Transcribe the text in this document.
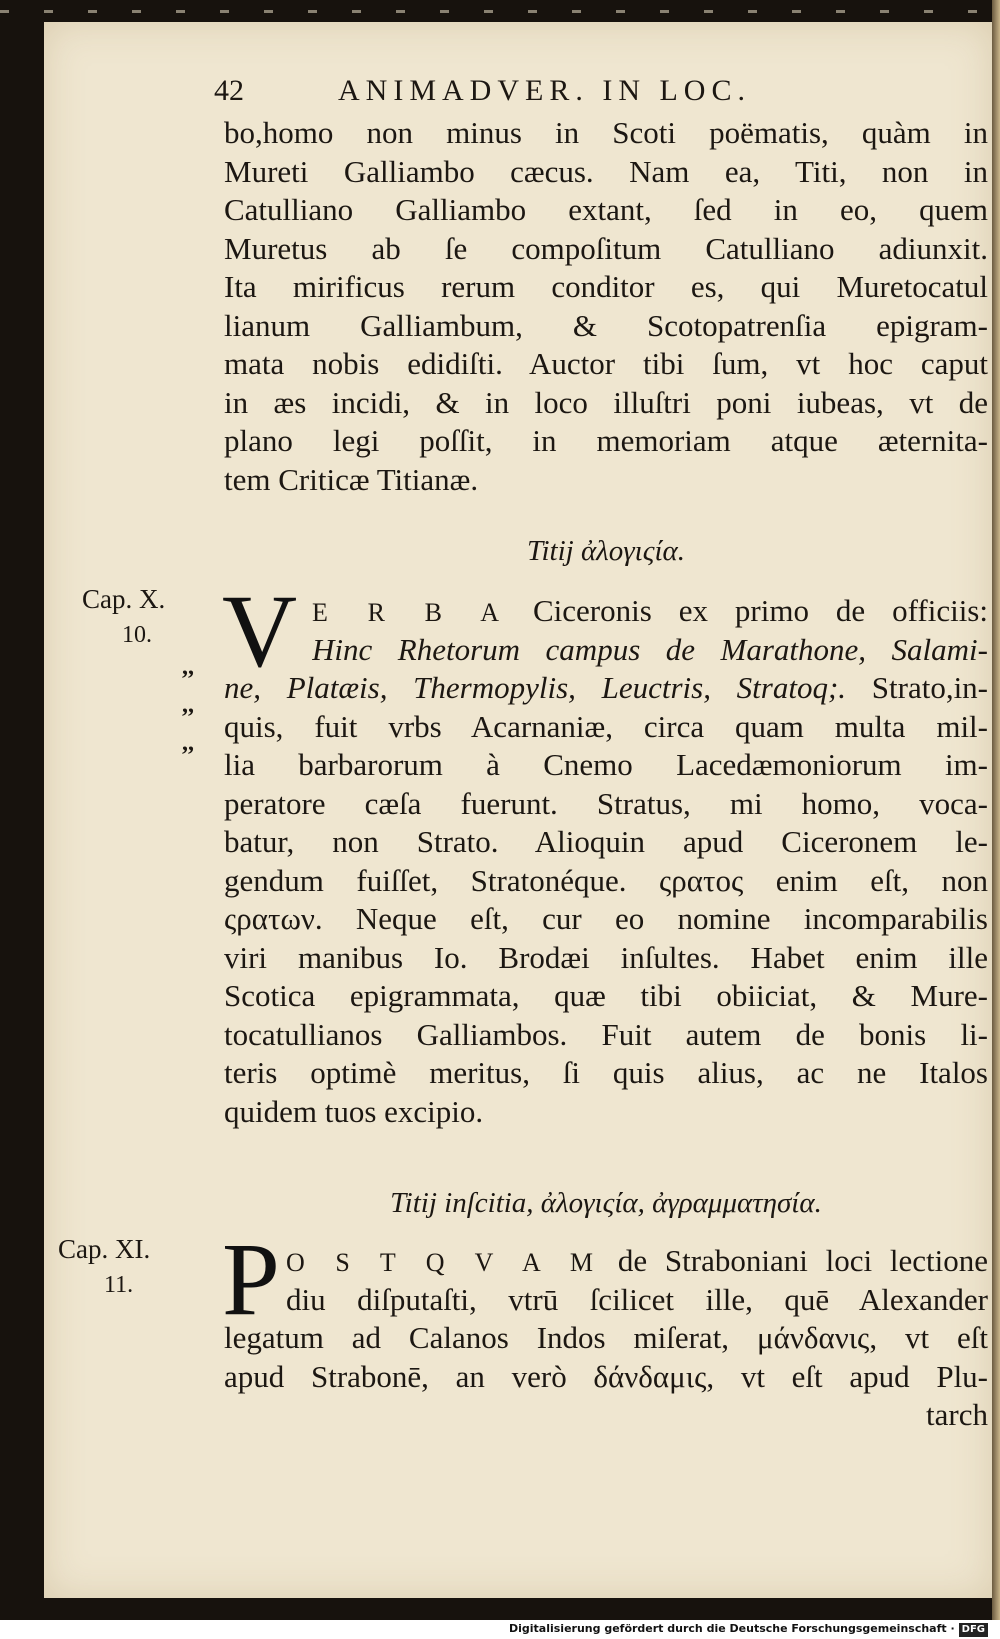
42	ANIMADVER. IN LOC.
bo,homo non minus in Scoti poëmatis, quàm in
Mureti Galliambo cæcus. Nam ea, Titi, non in
Catulliano Galliambo extant, ſed in eo, quem
Muretus ab ſe compoſitum Catulliano adiunxit.
Ita mirificus rerum conditor es, qui Muretocatul
lianum Galliambum, & Scotopatrenſia epigram-
mata nobis edidiſti. Auctor tibi ſum, vt hoc caput
in æs incidi, & in loco illuſtri poni iubeas, vt de
plano legi poſſit, in memoriam atque æternita-
tem Criticæ Titianæ.
Titij ἀλογιςία.
Cap. X.
10.
,,
,,
,,
V E R B A Ciceronis ex primo de officiis:
Hinc Rhetorum campus de Marathone, Salami-
ne, Platæis, Thermopylis, Leuctris, Stratoq;. Strato,in-
quis, fuit vrbs Acarnaniæ, circa quam multa mil-
lia barbarorum à Cnemo Lacedæmoniorum im-
peratore cæſa fuerunt. Stratus, mi homo, voca-
batur, non Strato. Alioquin apud Ciceronem le-
gendum fuiſſet, Stratonéque. ςρατος enim eſt, non
ςρατων. Neque eſt, cur eo nomine incomparabilis
viri manibus Io. Brodæi inſultes. Habet enim ille
Scotica epigrammata, quæ tibi obiiciat, & Mure-
tocatullianos Galliambos. Fuit autem de bonis li-
teris optimè meritus, ſi quis alius, ac ne Italos
quidem tuos excipio.
Titij inſcitia, ἀλογιςία, ἀγραμματησία.
Cap. XI.
11. P O S T Q V A M de Straboniani loci lectione
diu diſputaſti, vtrū ſcilicet ille, quē Alexander
legatum ad Calanos Indos miſerat, μάνδανις, vt eſt
apud Strabonē, an verò δάνδαμις, vt eſt apud Plu-
tarch
Digitalisierung gefördert durch die Deutsche Forschungsgemeinschaft · DFG
